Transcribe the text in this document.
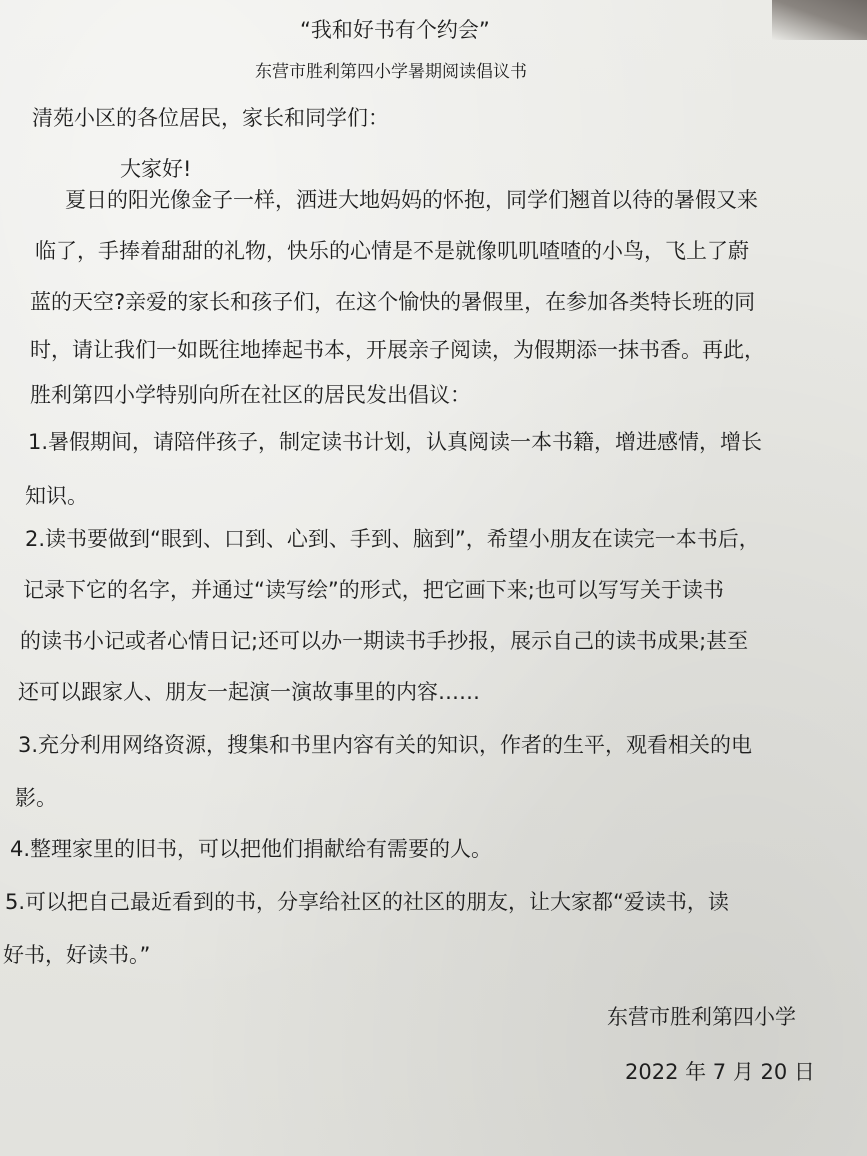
“我和好书有个约会”
东营市胜利第四小学暑期阅读倡议书
清苑小区的各位居民，家长和同学们：
大家好!
夏日的阳光像金子一样，洒进大地妈妈的怀抱，同学们翘首以待的暑假又来
临了，手捧着甜甜的礼物，快乐的心情是不是就像叽叽喳喳的小鸟，飞上了蔚
蓝的天空?亲爱的家长和孩子们，在这个愉快的暑假里，在参加各类特长班的同
时，请让我们一如既往地捧起书本，开展亲子阅读，为假期添一抹书香。再此，
胜利第四小学特别向所在社区的居民发出倡议：
1.暑假期间，请陪伴孩子，制定读书计划，认真阅读一本书籍，增进感情，增长
知识。
2.读书要做到“眼到、口到、心到、手到、脑到”，希望小朋友在读完一本书后，
记录下它的名字，并通过“读写绘”的形式，把它画下来;也可以写写关于读书
的读书小记或者心情日记;还可以办一期读书手抄报，展示自己的读书成果;甚至
还可以跟家人、朋友一起演一演故事里的内容……
3.充分利用网络资源，搜集和书里内容有关的知识，作者的生平，观看相关的电
影。
4.整理家里的旧书，可以把他们捐献给有需要的人。
5.可以把自己最近看到的书，分享给社区的社区的朋友，让大家都“爱读书，读
好书，好读书。”
东营市胜利第四小学
2022 年 7 月 20 日
